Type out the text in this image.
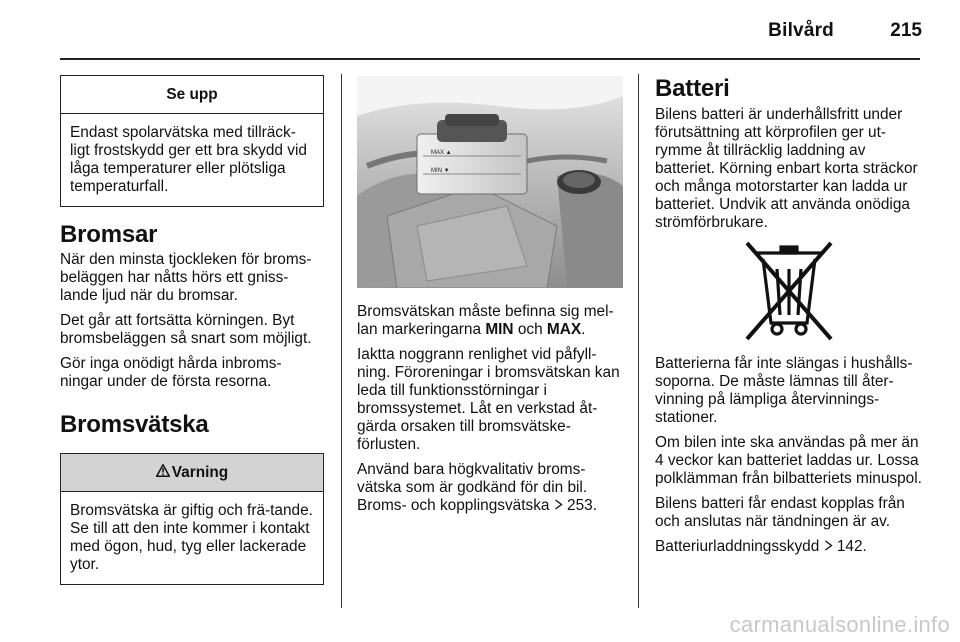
Bilvård	215
Se upp
Endast spolarvätska med tillräck-ligt frostskydd ger ett bra skydd vid låga temperaturer eller plötsliga temperaturfall.
Bromsar

När den minsta tjockleken för broms-beläggen har nåtts hörs ett gniss-lande ljud när du bromsar.

Det går att fortsätta körningen. Byt bromsbeläggen så snart som möjligt.

Gör inga onödigt hårda inbroms-ningar under de första resorna.

Bromsvätska
Varning
Bromsvätska är giftig och frä-tande. Se till att den inte kommer i kontakt med ögon, hud, tyg eller lackerade ytor.
MAX ▲
MIN ▼

Bromsvätskan måste befinna sig mel-lan markeringarna MIN och MAX.

Iaktta noggrann renlighet vid påfyll-ning. Föroreningar i bromsvätskan kan leda till funktionsstörningar i bromssystemet. Låt en verkstad åt-gärda orsaken till bromsvätske-förlusten.

Använd bara högkvalitativ broms-vätska som är godkänd för din bil. Broms- och kopplingsvätska  253.

Batteri

Bilens batteri är underhållsfritt under förutsättning att körprofilen ger ut-rymme åt tillräcklig laddning av batteriet. Körning enbart korta sträckor och många motorstarter kan ladda ur batteriet. Undvik att använda onödiga strömförbrukare.

Batterierna får inte slängas i hushålls-soporna. De måste lämnas till åter-vinning på lämpliga återvinnings-stationer.

Om bilen inte ska användas på mer än 4 veckor kan batteriet laddas ur. Lossa polklämman från bilbatteriets minuspol.

Bilens batteri får endast kopplas från och anslutas när tändningen är av.

Batteriurladdningsskydd  142.

carmanualsonline.info
